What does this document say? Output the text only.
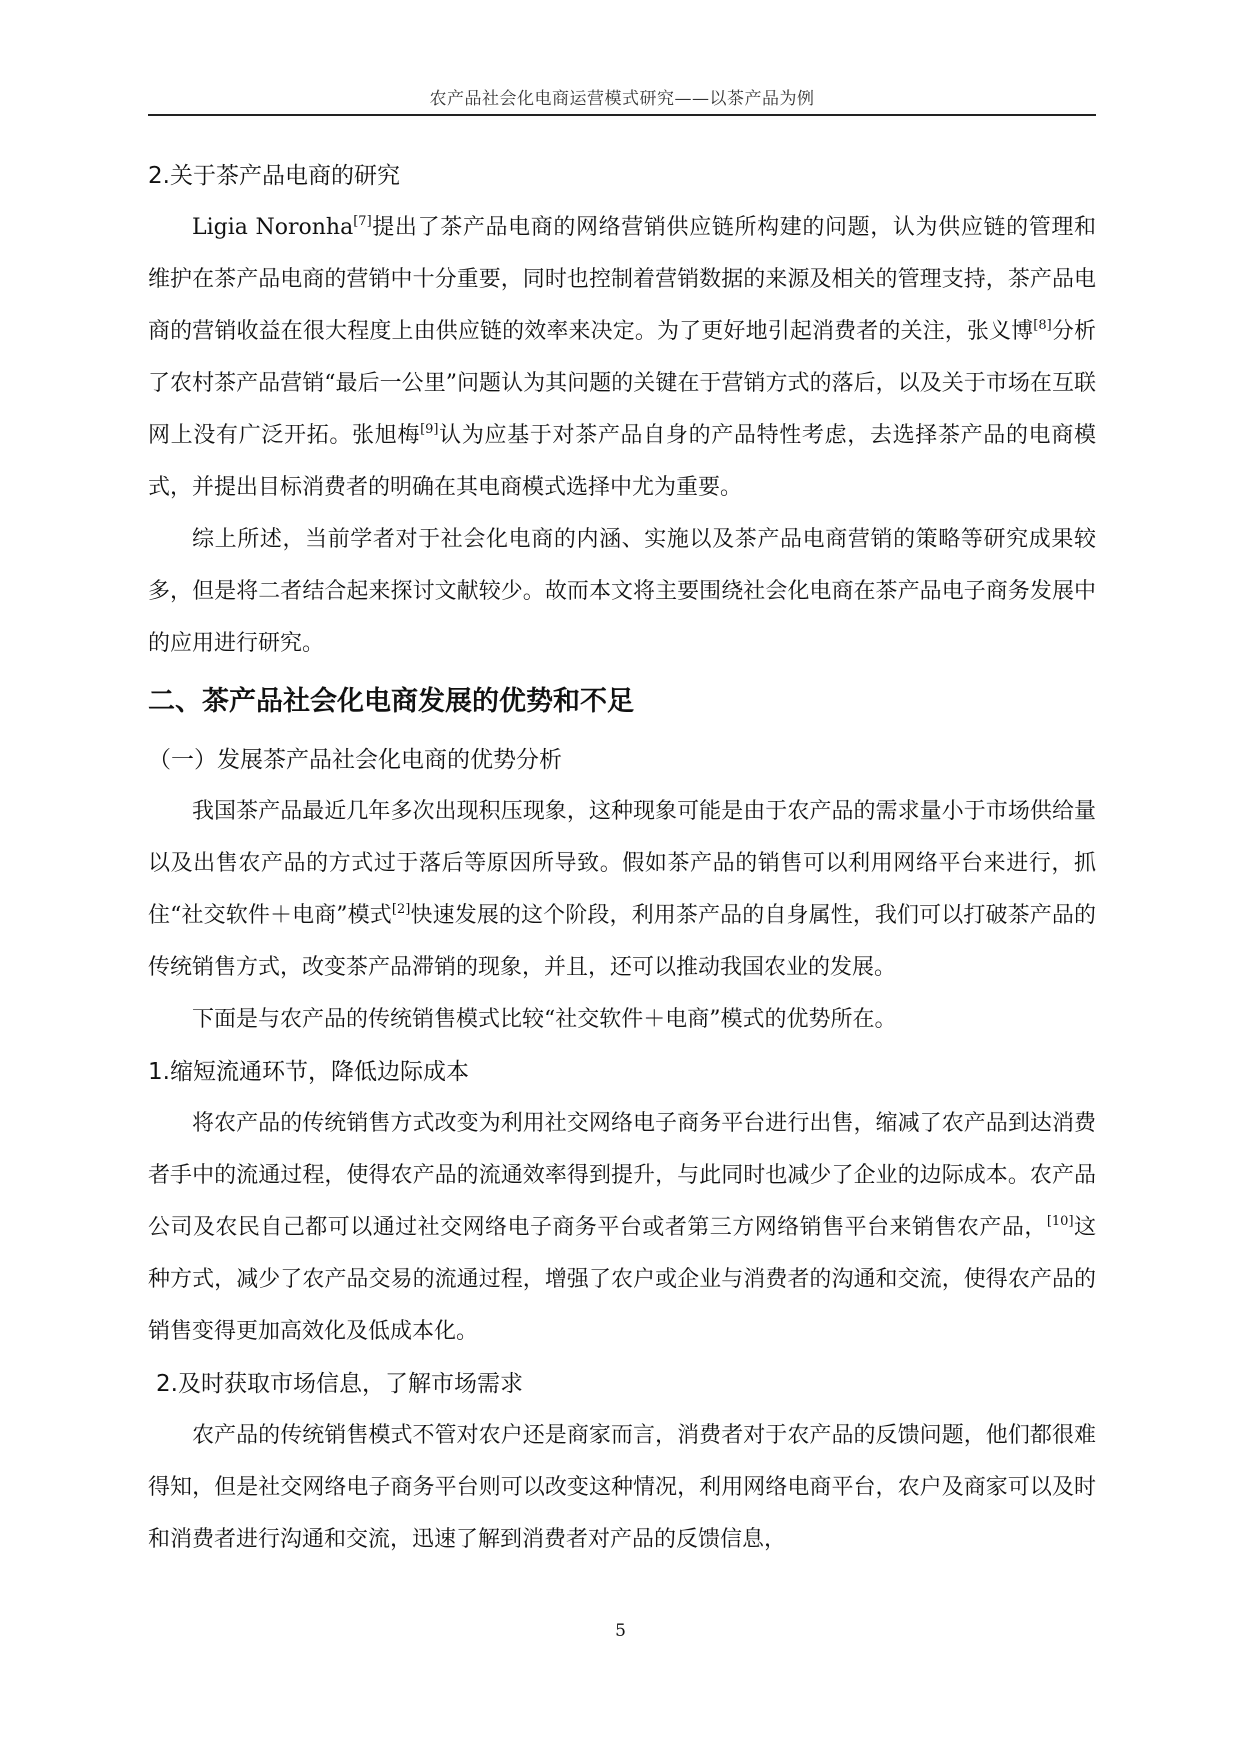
农产品社会化电商运营模式研究——以茶产品为例

2.关于茶产品电商的研究

Ligia Noronha[7]提出了茶产品电商的网络营销供应链所构建的问题，认为供应链的管理和维护在茶产品电商的营销中十分重要，同时也控制着营销数据的来源及相关的管理支持，茶产品电商的营销收益在很大程度上由供应链的效率来决定。为了更好地引起消费者的关注，张义博[8]分析了农村茶产品营销“最后一公里”问题认为其问题的关键在于营销方式的落后，以及关于市场在互联网上没有广泛开拓。张旭梅[9]认为应基于对茶产品自身的产品特性考虑，去选择茶产品的电商模式，并提出目标消费者的明确在其电商模式选择中尤为重要。

综上所述，当前学者对于社会化电商的内涵、实施以及茶产品电商营销的策略等研究成果较多，但是将二者结合起来探讨文献较少。故而本文将主要围绕社会化电商在茶产品电子商务发展中的应用进行研究。

二、茶产品社会化电商发展的优势和不足

（一）发展茶产品社会化电商的优势分析

我国茶产品最近几年多次出现积压现象，这种现象可能是由于农产品的需求量小于市场供给量以及出售农产品的方式过于落后等原因所导致。假如茶产品的销售可以利用网络平台来进行，抓住“社交软件＋电商”模式[2]快速发展的这个阶段，利用茶产品的自身属性，我们可以打破茶产品的传统销售方式，改变茶产品滞销的现象，并且，还可以推动我国农业的发展。

下面是与农产品的传统销售模式比较“社交软件＋电商”模式的优势所在。

1.缩短流通环节，降低边际成本

将农产品的传统销售方式改变为利用社交网络电子商务平台进行出售，缩减了农产品到达消费者手中的流通过程，使得农产品的流通效率得到提升，与此同时也减少了企业的边际成本。农产品公司及农民自己都可以通过社交网络电子商务平台或者第三方网络销售平台来销售农产品，[10]这种方式，减少了农产品交易的流通过程，增强了农户或企业与消费者的沟通和交流，使得农产品的销售变得更加高效化及低成本化。

2.及时获取市场信息，了解市场需求

农产品的传统销售模式不管对农户还是商家而言，消费者对于农产品的反馈问题，他们都很难得知，但是社交网络电子商务平台则可以改变这种情况，利用网络电商平台，农户及商家可以及时和消费者进行沟通和交流，迅速了解到消费者对产品的反馈信息，

5
